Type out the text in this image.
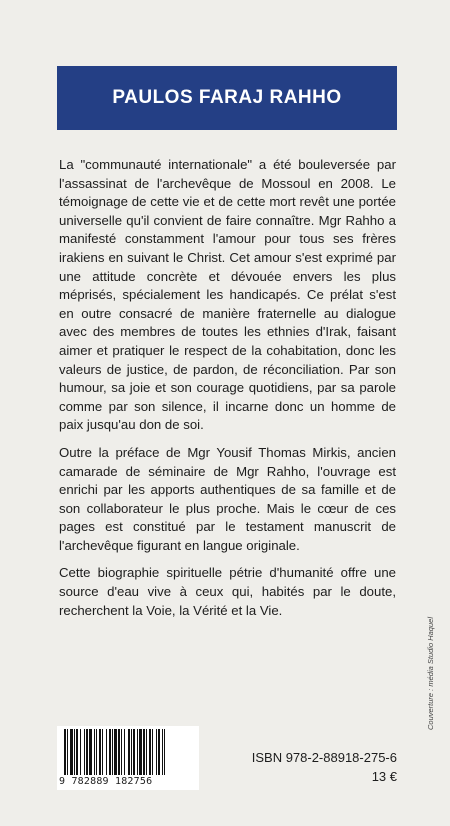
PAULOS FARAJ RAHHO

La "communauté internationale" a été bouleversée par l'assassinat de l'archevêque de Mossoul en 2008. Le témoignage de cette vie et de cette mort revêt une portée universelle qu'il convient de faire connaître. Mgr Rahho a manifesté constamment l'amour pour tous ses frères irakiens en suivant le Christ. Cet amour s'est exprimé par une attitude concrète et dévouée envers les plus méprisés, spécialement les handicapés. Ce prélat s'est en outre consacré de manière fraternelle au dialogue avec des membres de toutes les ethnies d'Irak, faisant aimer et pratiquer le respect de la cohabitation, donc les valeurs de justice, de pardon, de réconciliation. Par son humour, sa joie et son courage quotidiens, par sa parole comme par son silence, il incarne donc un homme de paix jusqu'au don de soi.

Outre la préface de Mgr Yousif Thomas Mirkis, ancien camarade de séminaire de Mgr Rahho, l'ouvrage est enrichi par les apports authentiques de sa famille et de son collaborateur le plus proche. Mais le cœur de ces pages est constitué par le testament manuscrit de l'archevêque figurant en langue originale.

Cette biographie spirituelle pétrie d'humanité offre une source d'eau vive à ceux qui, habités par le doute, recherchent la Voie, la Vérité et la Vie.

9 782889 182756
ISBN 978-2-88918-275-6
13 €
Couverture : média Studio Haquel
